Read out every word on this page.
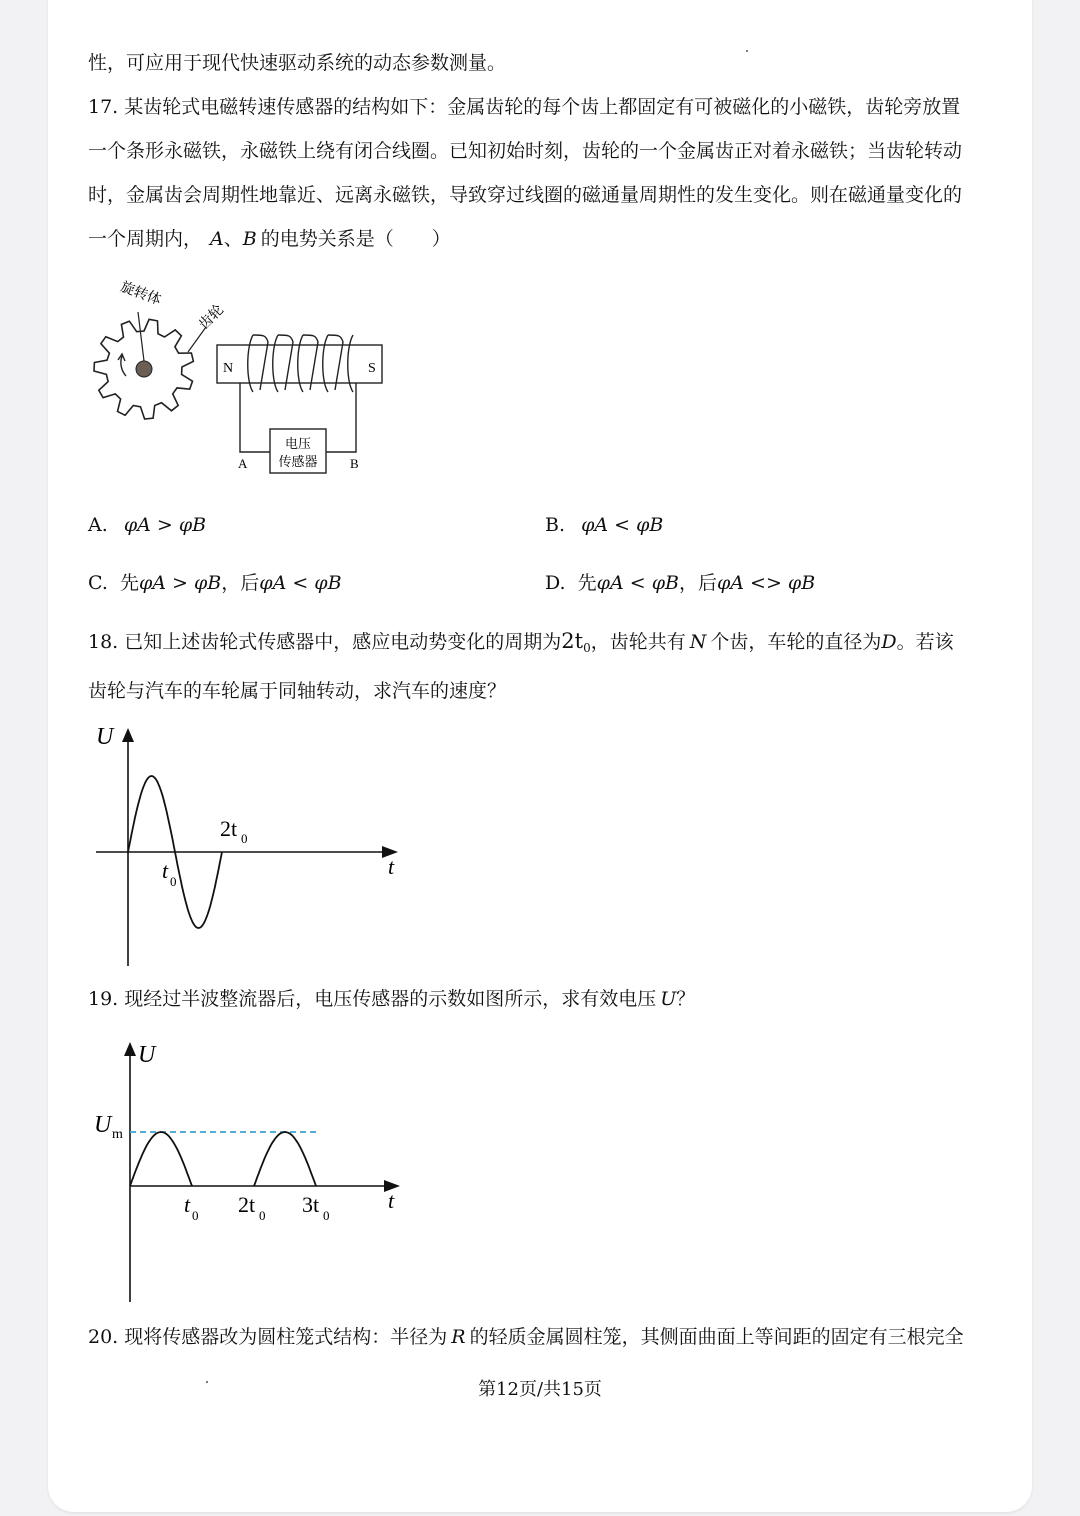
性，可应用于现代快速驱动系统的动态参数测量。
17. 某齿轮式电磁转速传感器的结构如下：金属齿轮的每个齿上都固定有可被磁化的小磁铁，齿轮旁放置
一个条形永磁铁，永磁铁上绕有闭合线圈。已知初始时刻，齿轮的一个金属齿正对着永磁铁；当齿轮转动
时，金属齿会周期性地靠近、远离永磁铁，导致穿过线圈的磁通量周期性的发生变化。则在磁通量变化的
一个周期内， A、B 的电势关系是（　　）
旋转体
齿轮
N	S
电压
传感器
A	B
A. φA > φB	B. φA < φB
C. 先φA > φB，后φA < φB	D. 先φA < φB，后φA <> φB
18. 已知上述齿轮式传感器中，感应电动势变化的周期为$2t_0$，齿轮共有 N 个齿，车轮的直径为D。若该
齿轮与汽车的车轮属于同轴转动，求汽车的速度？
U
t
t 0
2t 0
19. 现经过半波整流器后，电压传感器的示数如图所示，求有效电压 U？
U
U m
t
t 0 2t 0 3t 0
20. 现将传感器改为圆柱笼式结构：半径为 R 的轻质金属圆柱笼，其侧面曲面上等间距的固定有三根完全
第12页/共15页
